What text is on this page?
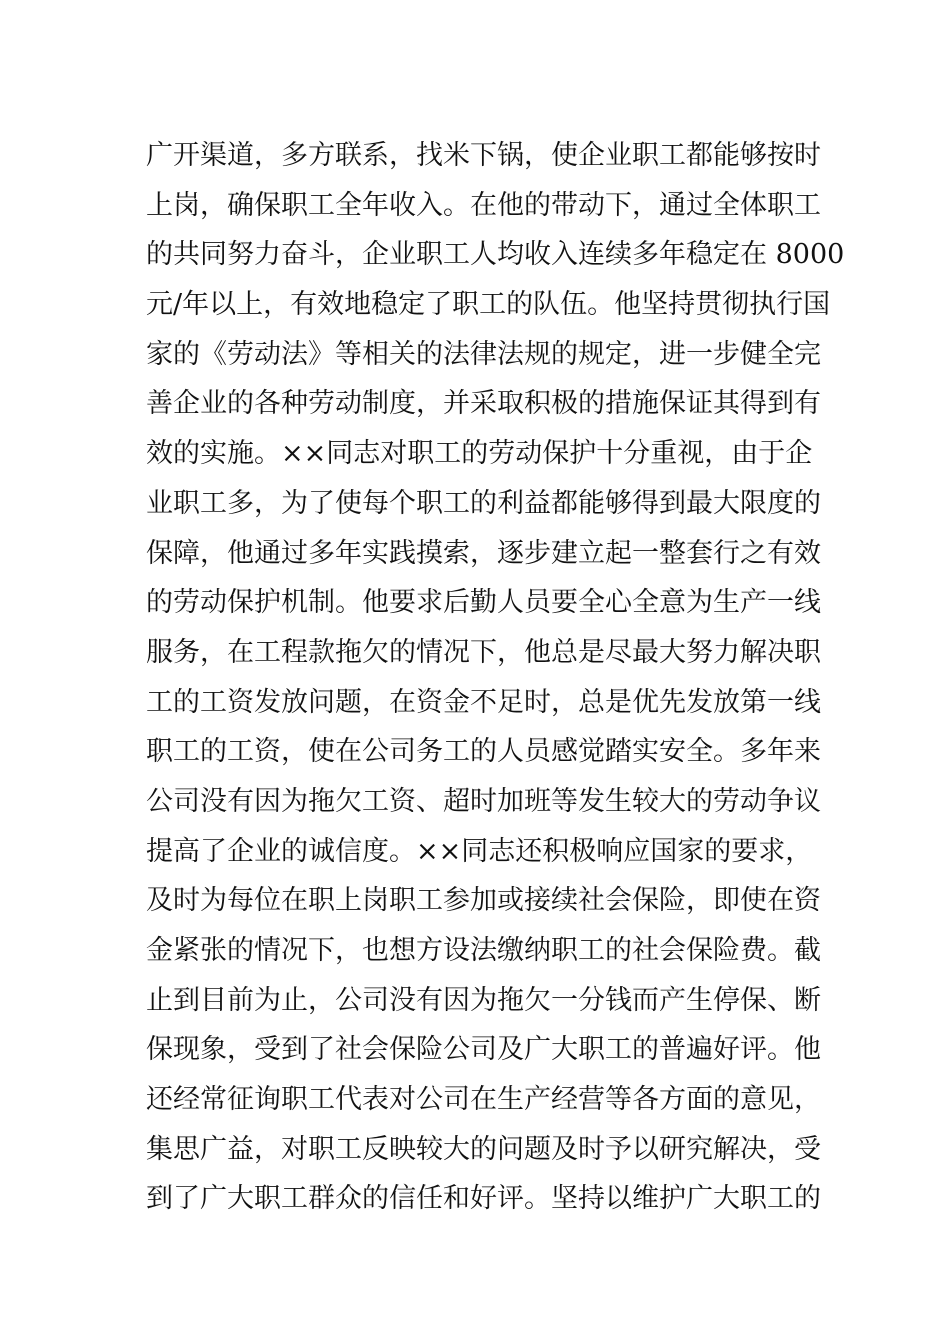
广开渠道，多方联系，找米下锅，使企业职工都能够按时
上岗，确保职工全年收入。在他的带动下，通过全体职工
的共同努力奋斗，企业职工人均收入连续多年稳定在 8000
元/年以上，有效地稳定了职工的队伍。他坚持贯彻执行国
家的《劳动法》等相关的法律法规的规定，进一步健全完
善企业的各种劳动制度，并采取积极的措施保证其得到有
效的实施。××同志对职工的劳动保护十分重视，由于企
业职工多，为了使每个职工的利益都能够得到最大限度的
保障，他通过多年实践摸索，逐步建立起一整套行之有效
的劳动保护机制。他要求后勤人员要全心全意为生产一线
服务，在工程款拖欠的情况下，他总是尽最大努力解决职
工的工资发放问题，在资金不足时，总是优先发放第一线
职工的工资，使在公司务工的人员感觉踏实安全。多年来
公司没有因为拖欠工资、超时加班等发生较大的劳动争议
提高了企业的诚信度。××同志还积极响应国家的要求，
及时为每位在职上岗职工参加或接续社会保险，即使在资
金紧张的情况下，也想方设法缴纳职工的社会保险费。截
止到目前为止，公司没有因为拖欠一分钱而产生停保、断
保现象，受到了社会保险公司及广大职工的普遍好评。他
还经常征询职工代表对公司在生产经营等各方面的意见，
集思广益，对职工反映较大的问题及时予以研究解决，受
到了广大职工群众的信任和好评。坚持以维护广大职工的
